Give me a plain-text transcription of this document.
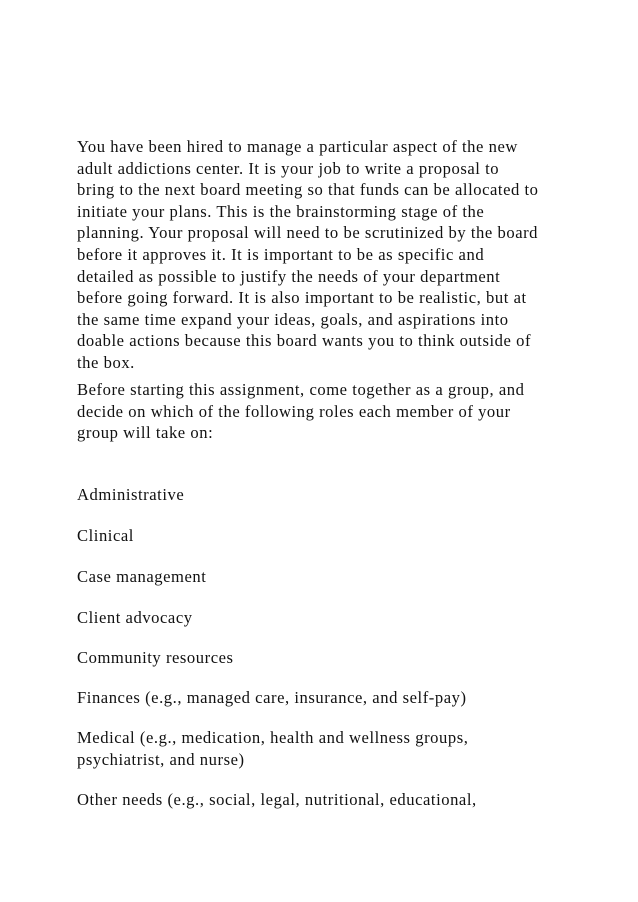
You have been hired to manage a particular aspect of the new
adult addictions center. It is your job to write a proposal to
bring to the next board meeting so that funds can be allocated to
initiate your plans. This is the brainstorming stage of the
planning. Your proposal will need to be scrutinized by the board
before it approves it. It is important to be as specific and
detailed as possible to justify the needs of your department
before going forward. It is also important to be realistic, but at
the same time expand your ideas, goals, and aspirations into
doable actions because this board wants you to think outside of
the box.

Before starting this assignment, come together as a group, and
decide on which of the following roles each member of your
group will take on:

Administrative

Clinical

Case management

Client advocacy

Community resources

Finances (e.g., managed care, insurance, and self-pay)

Medical (e.g., medication, health and wellness groups,
psychiatrist, and nurse)

Other needs (e.g., social, legal, nutritional, educational,
